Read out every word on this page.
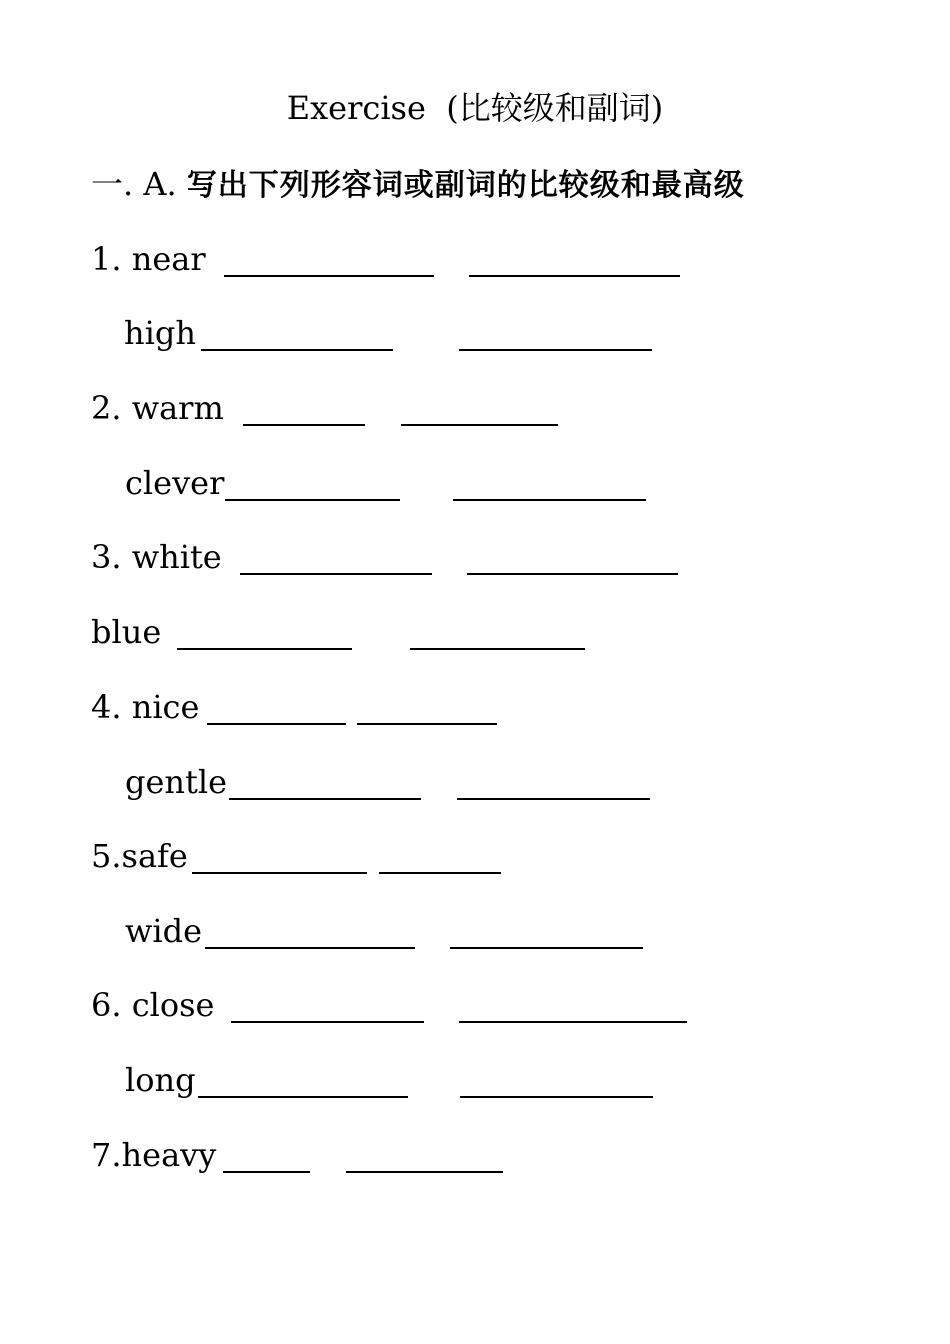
Exercise  (比较级和副词)
一. A. 写出下列形容词或副词的比较级和最高级
1. near
high
2. warm
clever
3. white
blue
4. nice
gentle
5.safe
wide
6. close
long
7.heavy
